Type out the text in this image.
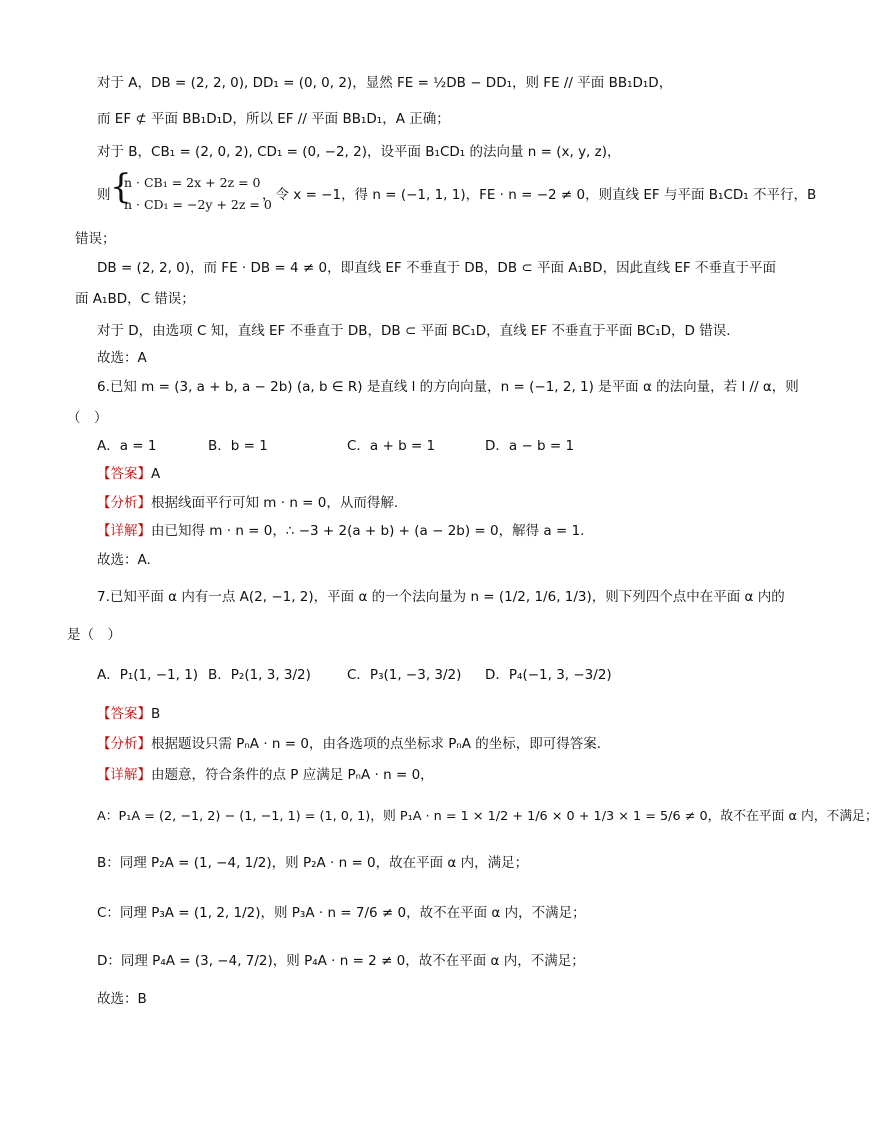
对于 A，DB = (2, 2, 0), DD₁ = (0, 0, 2)，显然 FE = ½DB − DD₁，则 FE // 平面 BB₁D₁D，
而 EF ⊄ 平面 BB₁D₁D，所以 EF // 平面 BB₁D₁，A 正确；
对于 B，CB₁ = (2, 0, 2), CD₁ = (0, −2, 2)，设平面 B₁CD₁ 的法向量 n = (x, y, z)，
则 {
n · CB₁ = 2x + 2z = 0
n · CD₁ = −2y + 2z = 0
，令 x = −1，得 n = (−1, 1, 1)，FE · n = −2 ≠ 0，则直线 EF 与平面 B₁CD₁ 不平行，B
错误；
DB = (2, 2, 0)，而 FE · DB = 4 ≠ 0，即直线 EF 不垂直于 DB，DB ⊂ 平面 A₁BD，因此直线 EF 不垂直于平面
面 A₁BD，C 错误；
对于 D，由选项 C 知，直线 EF 不垂直于 DB，DB ⊂ 平面 BC₁D，直线 EF 不垂直于平面 BC₁D，D 错误.
故选：A
6.已知 m = (3, a + b, a − 2b) (a, b ∈ R) 是直线 l 的方向向量，n = (−1, 2, 1) 是平面 α 的法向量，若 l // α，则
（　）
A．a = 1	B．b = 1	C．a + b = 1	D．a − b = 1
【答案】A
【分析】根据线面平行可知 m · n = 0，从而得解.
【详解】由已知得 m · n = 0，∴ −3 + 2(a + b) + (a − 2b) = 0，解得 a = 1.
故选：A.
7.已知平面 α 内有一点 A(2, −1, 2)，平面 α 的一个法向量为 n = (1/2, 1/6, 1/3)，则下列四个点中在平面 α 内的
是（　）
A．P₁(1, −1, 1) B．P₂(1, 3, 3/2)	C．P₃(1, −3, 3/2) D．P₄(−1, 3, −3/2)
【答案】B
【分析】根据题设只需 PₙA · n = 0，由各选项的点坐标求 PₙA 的坐标，即可得答案.
【详解】由题意，符合条件的点 P 应满足 PₙA · n = 0，
A：P₁A = (2, −1, 2) − (1, −1, 1) = (1, 0, 1)，则 P₁A · n = 1 × 1/2 + 1/6 × 0 + 1/3 × 1 = 5/6 ≠ 0，故不在平面 α 内，不满足；
B：同理 P₂A = (1, −4, 1/2)，则 P₂A · n = 0，故在平面 α 内，满足；
C：同理 P₃A = (1, 2, 1/2)，则 P₃A · n = 7/6 ≠ 0，故不在平面 α 内，不满足；
D：同理 P₄A = (3, −4, 7/2)，则 P₄A · n = 2 ≠ 0，故不在平面 α 内，不满足；
故选：B
